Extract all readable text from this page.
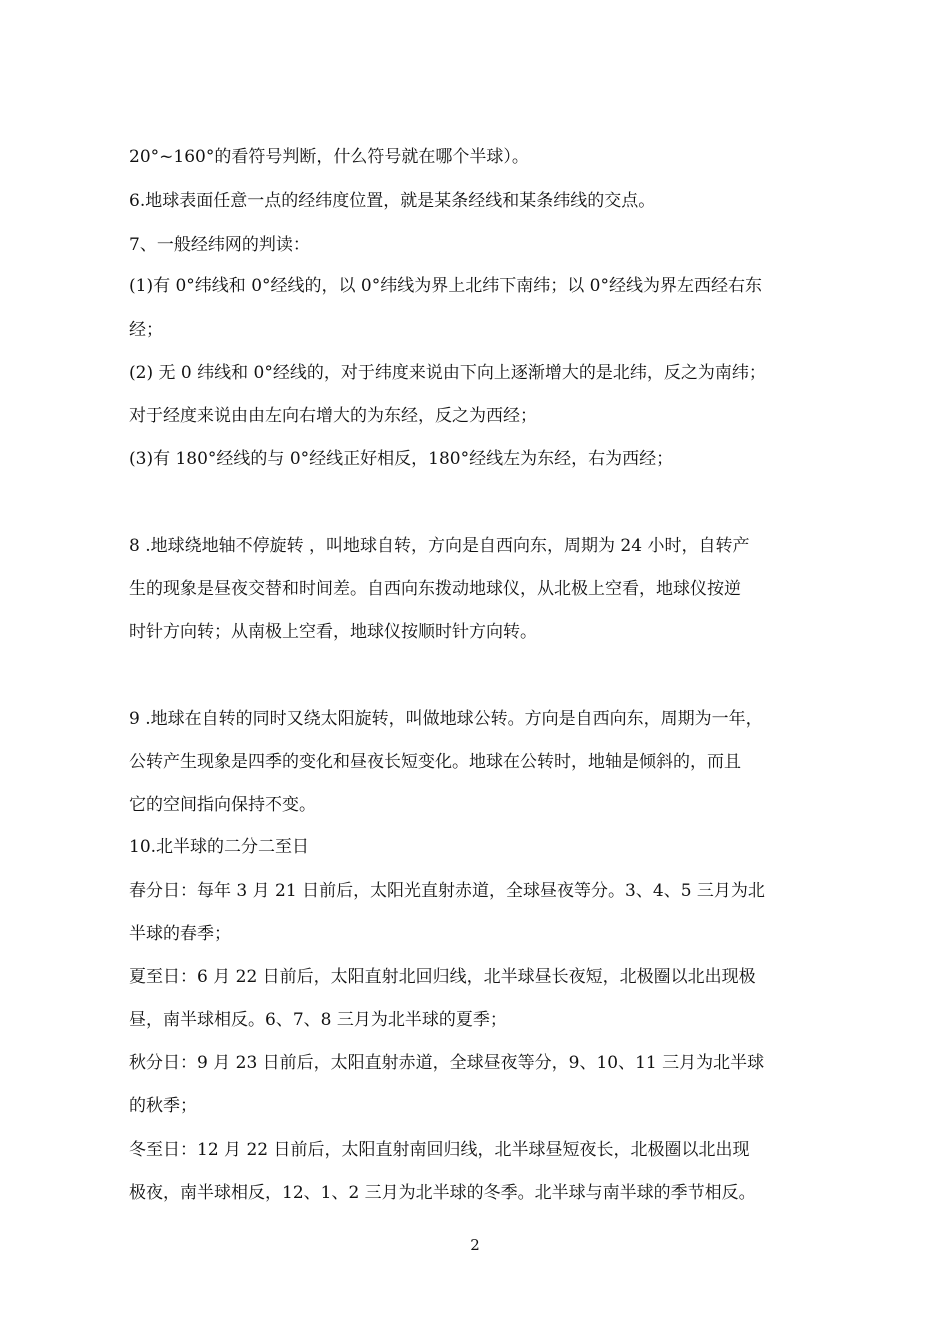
20°~160°的看符号判断，什么符号就在哪个半球）。
6.地球表面任意一点的经纬度位置，就是某条经线和某条纬线的交点。
7、一般经纬网的判读：
(1)有 0°纬线和 0°经线的，以 0°纬线为界上北纬下南纬；以 0°经线为界左西经右东
经；
(2) 无 0 纬线和 0°经线的，对于纬度来说由下向上逐渐增大的是北纬，反之为南纬；
对于经度来说由由左向右增大的为东经，反之为西经；
(3)有 180°经线的与 0°经线正好相反，180°经线左为东经，右为西经；
8 .地球绕地轴不停旋转 ，叫地球自转，方向是自西向东，周期为 24 小时，自转产
生的现象是昼夜交替和时间差。自西向东拨动地球仪，从北极上空看，地球仪按逆
时针方向转；从南极上空看，地球仪按顺时针方向转。
9 .地球在自转的同时又绕太阳旋转，叫做地球公转。方向是自西向东，周期为一年，
公转产生现象是四季的变化和昼夜长短变化。地球在公转时，地轴是倾斜的，而且
它的空间指向保持不变。
10.北半球的二分二至日
春分日：每年 3 月 21 日前后，太阳光直射赤道，全球昼夜等分。3、4、5 三月为北
半球的春季；
夏至日：6 月 22 日前后，太阳直射北回归线，北半球昼长夜短，北极圈以北出现极
昼，南半球相反。6、7、8 三月为北半球的夏季；
秋分日：9 月 23 日前后，太阳直射赤道，全球昼夜等分，9、10、11 三月为北半球
的秋季；
冬至日：12 月 22 日前后，太阳直射南回归线，北半球昼短夜长，北极圈以北出现
极夜，南半球相反，12、1、2 三月为北半球的冬季。北半球与南半球的季节相反。
2
